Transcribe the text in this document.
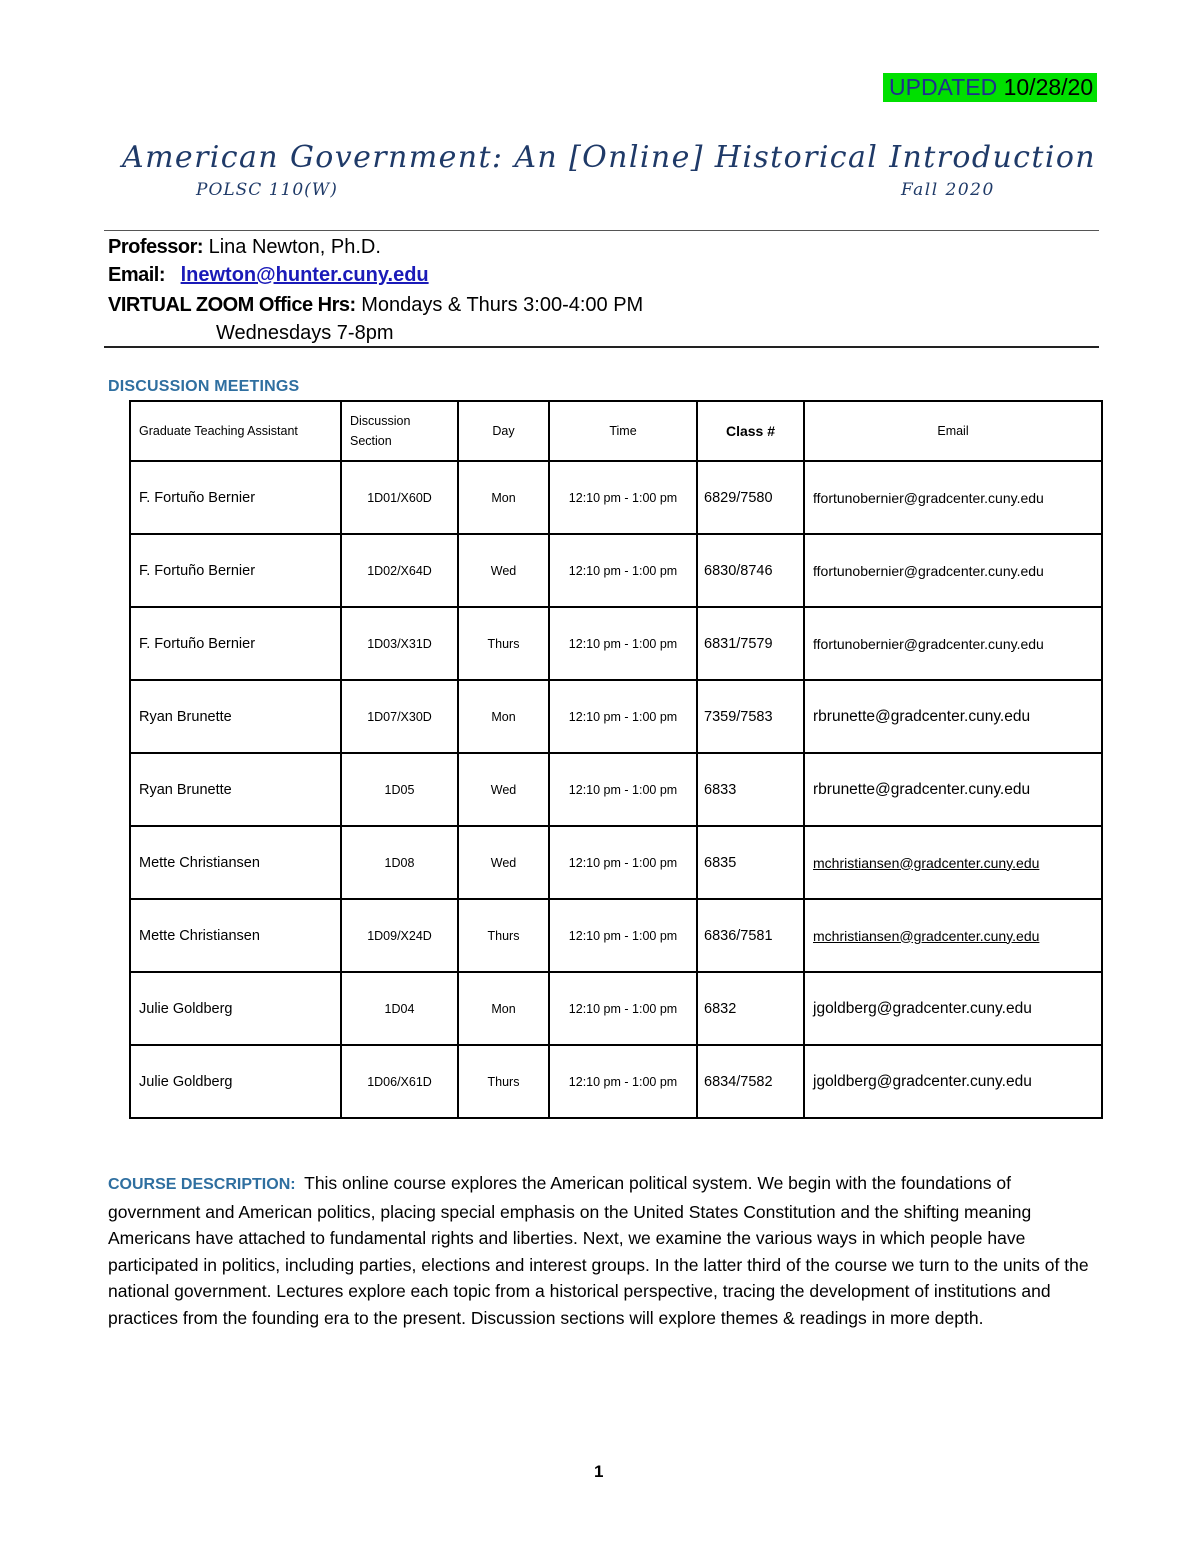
UPDATED 10/28/20
American Government: An [Online] Historical Introduction
POLSC 110(W)	Fall 2020
Professor: Lina Newton, Ph.D.
Email: lnewton@hunter.cuny.edu
VIRTUAL ZOOM Office Hrs: Mondays & Thurs 3:00-4:00 PM
Wednesdays 7-8pm
DISCUSSION MEETINGS
Graduate Teaching Assistant	Discussion Section	Day	Time	Class #	Email
F. Fortuño Bernier	1D01/X60D	Mon	12:10 pm - 1:00 pm	6829/7580	ffortunobernier@gradcenter.cuny.edu
F. Fortuño Bernier	1D02/X64D	Wed	12:10 pm - 1:00 pm	6830/8746	ffortunobernier@gradcenter.cuny.edu
F. Fortuño Bernier	1D03/X31D	Thurs	12:10 pm - 1:00 pm	6831/7579	ffortunobernier@gradcenter.cuny.edu
Ryan Brunette	1D07/X30D	Mon	12:10 pm - 1:00 pm	7359/7583	rbrunette@gradcenter.cuny.edu
Ryan Brunette	1D05	Wed	12:10 pm - 1:00 pm	6833	rbrunette@gradcenter.cuny.edu
Mette Christiansen	1D08	Wed	12:10 pm - 1:00 pm	6835	mchristiansen@gradcenter.cuny.edu
Mette Christiansen	1D09/X24D	Thurs	12:10 pm - 1:00 pm	6836/7581	mchristiansen@gradcenter.cuny.edu
Julie Goldberg	1D04	Mon	12:10 pm - 1:00 pm	6832	jgoldberg@gradcenter.cuny.edu
Julie Goldberg	1D06/X61D	Thurs	12:10 pm - 1:00 pm	6834/7582	jgoldberg@gradcenter.cuny.edu
COURSE DESCRIPTION: This online course explores the American political system. We begin with the foundations of government and American politics, placing special emphasis on the United States Constitution and the shifting meaning Americans have attached to fundamental rights and liberties. Next, we examine the various ways in which people have participated in politics, including parties, elections and interest groups. In the latter third of the course we turn to the units of the national government. Lectures explore each topic from a historical perspective, tracing the development of institutions and practices from the founding era to the present. Discussion sections will explore themes & readings in more depth.
1
